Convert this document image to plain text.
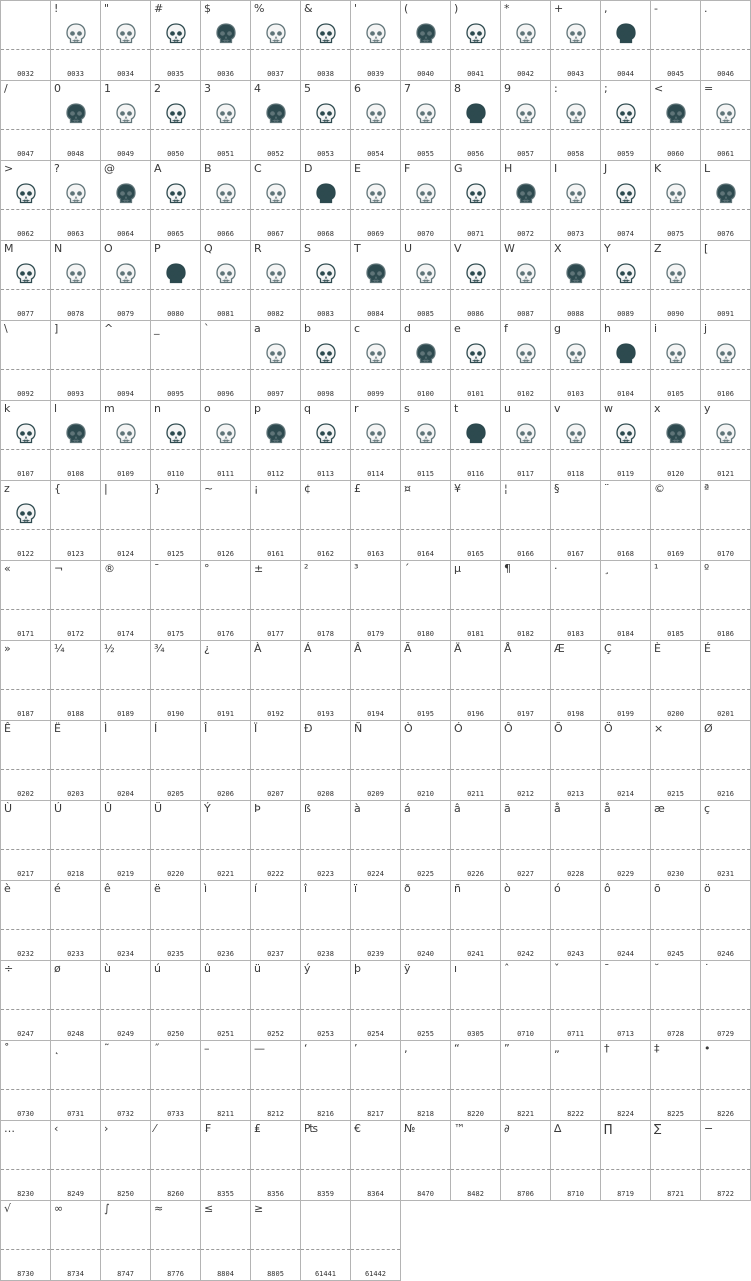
0032
!
0033
"
0034
#
0035
$
0036
%
0037
&
0038
'
0039
(
0040
)
0041
*
0042
+
0043
,
0044
-
0045
.
0046
/
0047
0
0048
1
0049
2
0050
3
0051
4
0052
5
0053
6
0054
7
0055
8
0056
9
0057
:
0058
;
0059
<
0060
=
0061
>
0062
?
0063
@
0064
A
0065
B
0066
C
0067
D
0068
E
0069
F
0070
G
0071
H
0072
I
0073
J
0074
K
0075
L
0076
M
0077
N
0078
O
0079
P
0080
Q
0081
R
0082
S
0083
T
0084
U
0085
V
0086
W
0087
X
0088
Y
0089
Z
0090
[
0091
\
0092
]
0093
^
0094
_
0095
`
0096
a
0097
b
0098
c
0099
d
0100
e
0101
f
0102
g
0103
h
0104
i
0105
j
0106
k
0107
l
0108
m
0109
n
0110
o
0111
p
0112
q
0113
r
0114
s
0115
t
0116
u
0117
v
0118
w
0119
x
0120
y
0121
z
0122
{
0123
|
0124
}
0125
~
0126
¡
0161
¢
0162
£
0163
¤
0164
¥
0165
¦
0166
§
0167
¨
0168
©
0169
ª
0170
«
0171
¬
0172
®
0174
¯
0175
°
0176
±
0177
²
0178
³
0179
´
0180
µ
0181
¶
0182
·
0183
¸
0184
¹
0185
º
0186
»
0187
¼
0188
½
0189
¾
0190
¿
0191
À
0192
Á
0193
Â
0194
Ã
0195
Ä
0196
Å
0197
Æ
0198
Ç
0199
È
0200
É
0201
Ê
0202
Ë
0203
Ì
0204
Í
0205
Î
0206
Ï
0207
Ð
0208
Ñ
0209
Ò
0210
Ó
0211
Ô
0212
Õ
0213
Ö
0214
×
0215
Ø
0216
Ù
0217
Ú
0218
Û
0219
Ü
0220
Ý
0221
Þ
0222
ß
0223
à
0224
á
0225
â
0226
ã
0227
å
0228
å
0229
æ
0230
ç
0231
è
0232
é
0233
ê
0234
ë
0235
ì
0236
í
0237
î
0238
ï
0239
ð
0240
ñ
0241
ò
0242
ó
0243
ô
0244
õ
0245
ö
0246
÷
0247
ø
0248
ù
0249
ú
0250
û
0251
ü
0252
ý
0253
þ
0254
ÿ
0255
ı
0305
ˆ
0710
ˇ
0711
ˉ
0713
˘
0728
˙
0729
˚
0730
˛
0731
˜
0732
˝
0733
–
8211
—
8212
‘
8216
’
8217
‚
8218
“
8220
”
8221
„
8222
†
8224
‡
8225
•
8226
…
8230
‹
8249
›
8250
⁄
8260
₣
8355
₤
8356
₧
8359
€
8364
№
8470
™
8482
∂
8706
∆
8710
∏
8719
∑
8721
−
8722
√
8730
∞
8734
∫
8747
≈
8776
≤
8804
≥
8805	61441	61442
